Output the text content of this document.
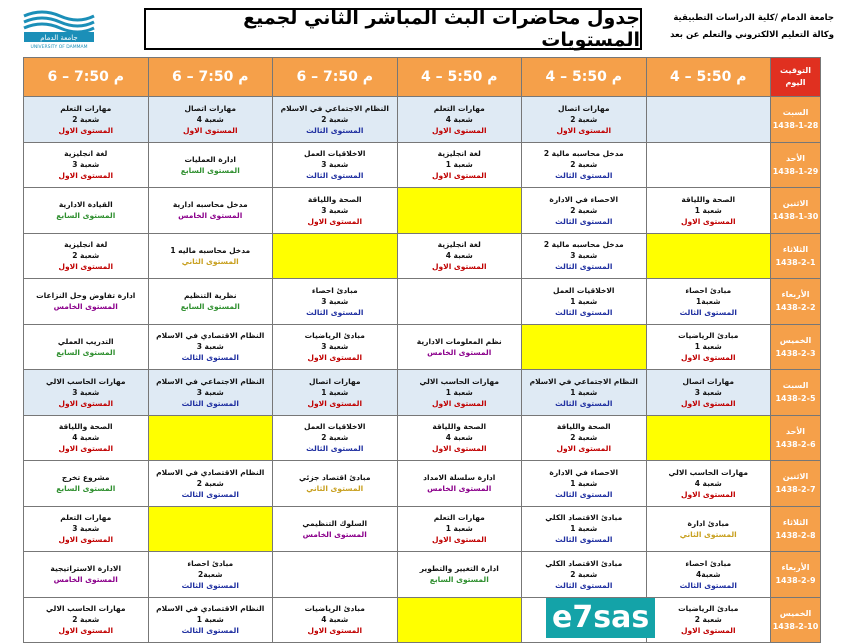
جامعة الدمام
UNIVERSITY OF DAMMAM
جدول محاضرات البث المباشر الثاني لجميع المستويات
جامعة الدمام /كلية الدراسات التطبيقية
وكالة التعليم الالكتروني والتعلم عن بعد
التوقيت
اليوم	4 – 5:50 م	4 – 5:50 م	4 – 5:50 م	6 – 7:50 م	6 – 7:50 م	6 – 7:50 م

السبت
1438-1-28		مهارات اتصال
شعبة 2
المستوى الاول	مهارات التعلم
شعبة 4
المستوى الاول	النظام الاجتماعي في الاسلام
شعبة 2
المستوى الثالث	مهارات اتصال
شعبة 4
المستوى الاول	مهارات التعلم
شعبة 2
المستوى الاول

الأحد
1438-1-29		مدخل محاسبه مالية 2
شعبة 2
المستوى الثالث	لغة انجليزية
شعبة 1
المستوى الاول	الاخلاقيات العمل
شعبة 3
المستوى الثالث	ادارة العمليات
المستوى السابع	لغة انجليزية
شعبة 3
المستوى الاول

الاثنين
1438-1-30	الصحة واللياقة
شعبة 1
المستوى الاول	الاحصاء في الادارة
شعبة 2
المستوى الثالث		الصحة واللياقة
شعبة 3
المستوى الاول	مدخل محاسبه ادارية
المستوى الخامس	القيادة الادارية
المستوى السابع

الثلاثاء
1438-2-1		مدخل محاسبه مالية 2
شعبة 3
المستوى الثالث	لغة انجليزية
شعبة 4
المستوى الاول		مدخل محاسبه ماليه 1
المستوى الثاني	لغة انجليزية
شعبة 2
المستوى الاول

الأربعاء
1438-2-2	مبادئ احصاء
شعبة1
المستوى الثالث	الاخلاقيات العمل
شعبة 1
المستوى الثالث		مبادئ احصاء
شعبة 3
المستوى الثالث	نظرية التنظيم
المستوى السابع	ادارة تفاوض وحل النزاعات
المستوى الخامس

الخميس
1438-2-3	مبادئ الرياضيات
شعبة 1
المستوى الاول		نظم المعلومات الادارية
المستوى الخامس	مبادئ الرياضيات
شعبة 3
المستوى الاول	النظام الاقتصادي في الاسلام
شعبة 3
المستوى الثالث	التدريب العملي
المستوى السابع

السبت
1438-2-5	مهارات اتصال
شعبة 3
المستوى الاول	النظام الاجتماعي في الاسلام
شعبة 1
المستوى الثالث	مهارات الحاسب الالي
شعبة 1
المستوى الاول	مهارات اتصال
شعبة 1
المستوى الاول	النظام الاجتماعي في الاسلام
شعبة 3
المستوى الثالث	مهارات الحاسب الالي
شعبة 3
المستوى الاول

الأحد
1438-2-6		الصحة واللياقة
شعبة 2
المستوى الاول	الصحة واللياقة
شعبة 4
المستوى الاول	الاخلاقيات العمل
شعبة 2
المستوى الثالث		الصحة واللياقة
شعبة 4
المستوى الاول

الاثنين
1438-2-7	مهارات الحاسب الالي
شعبة 4
المستوى الاول	الاحصاء في الادارة
شعبة 1
المستوى الثالث	ادارة سلسلة الامداد
المستوى الخامس	مبادئ اقتصاد جزئي
المستوى الثاني	النظام الاقتصادي في الاسلام
شعبة 2
المستوى الثالث	مشروع تخرج
المستوى السابع

الثلاثاء
1438-2-8	مبادئ ادارة
المستوى الثاني	مبادئ الاقتصاد الكلي
شعبة 1
المستوى الثالث	مهارات التعلم
شعبة 1
المستوى الاول	السلوك التنظيمي
المستوى الخامس		مهارات التعلم
شعبة 3
المستوى الاول

الأربعاء
1438-2-9	مبادئ احصاء
شعبة4
المستوى الثالث	مبادئ الاقتصاد الكلي
شعبة 2
المستوى الثالث	ادارة التغيير والتطوير
المستوى السابع		مبادئ احصاء
شعبة2
المستوى الثالث	الادارة الاستراتيجية
المستوى الخامس

الخميس
1438-2-10	مبادئ الرياضيات
شعبة 2
المستوى الاول			مبادئ الرياضيات
شعبة 4
المستوى الاول	النظام الاقتصادي في الاسلام
شعبة 1
المستوى الثالث	مهارات الحاسب الالي
شعبة 2
المستوى الاول	e7sas
